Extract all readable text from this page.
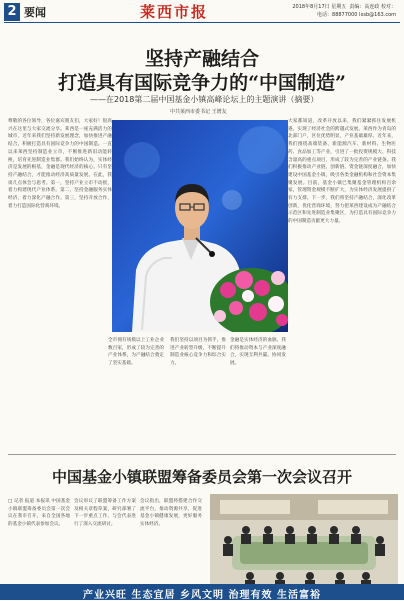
2 要闻	莱西市报	2018年8月17日 星期五 责编：高连政 校对：
电话：88877000 lxsb@163.com
坚持产融结合
打造具有国际竞争力的“中国制造”
——在2018第二届中国基金小镇高峰论坛上的主题演讲（摘要）
中共莱西市委书记 王增友
尊敬的各位领导，各位嘉宾朋友们，大家好！很高兴在这里与大家交流分享。莱西是一座充满活力的城市，近年来我们坚持新发展理念，加快推进产融结合，积极打造具有国际竞争力的中国制造。一直以来莱西坚持制造业立市，不断推进新旧动能转换，培育先进制造业集群。我们始终认为，实体经济是发展的根基，金融是现代经济的核心。只有坚持产融结合，才能推动经济高质量发展。在此，我谈几点体会与思考。第一，坚持产业立市不动摇，着力构建现代产业体系。第二，坚持金融服务实体经济，着力深化产融合作。第三，坚持开放合作，着力打造国际化营商环境。
大家都知道，改革开放以来，我们紧紧抓住发展机遇，实现了经济社会的跨越式发展。莱西作为青岛的北部门户，区位优势明显，产业基础雄厚。近年来，我们围绕高端装备、新能源汽车、新材料、生物医药、食品加工等产业，引进了一批投资规模大、科技含量高的重点项目，形成了较为完善的产业链条。我们积极推动产业链、创新链、资金链深度融合，加快建设中国基金小镇，吸引各类金融机构和社会资本集聚发展。目前，基金小镇已集聚基金管理机构百余家，管理资金规模不断扩大，为实体经济发展提供了有力支撑。下一步，我们将坚持产融结合，深化改革创新，优化营商环境，努力把莱西建设成为产融结合示范区和先进制造业集聚区，为打造具有国际竞争力的中国制造贡献更大力量。
全市拥有规模以上工业企业数百家，形成了较为完善的产业体系，为产融结合奠定了坚实基础。
我们坚持以项目为抓手，推进产业转型升级，不断提升制造业核心竞争力和综合实力。
金融是实体经济的血脉，我们将推动资本与产业深度融合，实现互利共赢、协同发展。
中国基金小镇联盟筹备委员会第一次会议召开
□ 记者 报道 本报讯 中国基金小镇联盟筹备委员会第一次会议在我市召开，来自全国各地的基金小镇代表参加会议。
会议审议了联盟筹备工作方案及相关章程草案，研究部署了下一步重点工作，与会代表进行了深入交流研讨。
会议指出，联盟将搭建合作交流平台，推动资源共享，促进基金小镇健康发展，更好服务实体经济。
产业兴旺 生态宜居 乡风文明 治理有效 生活富裕
